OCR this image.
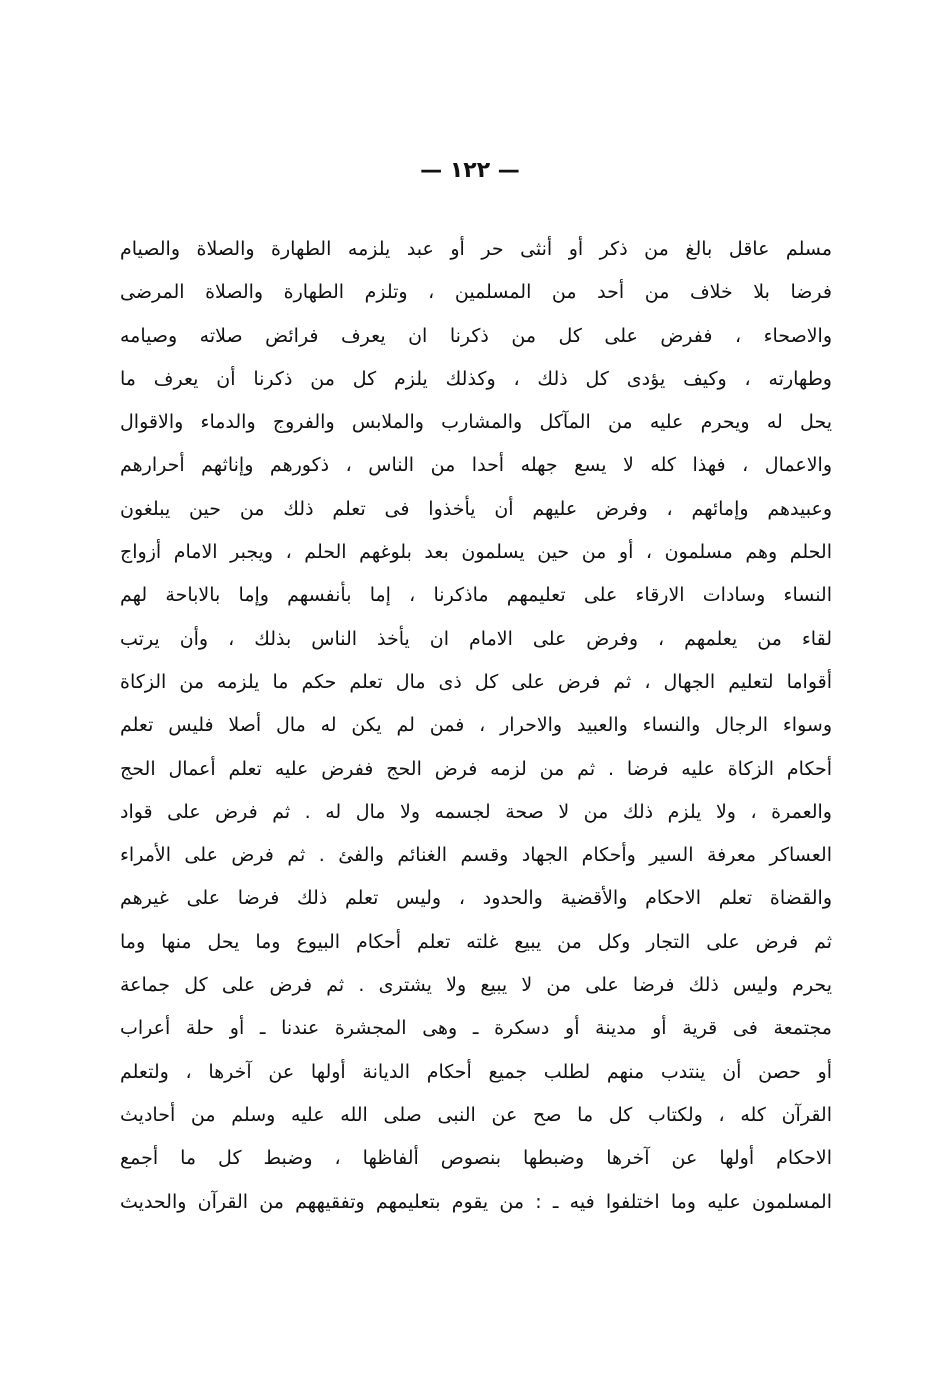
— ١٢٢ —
مسلم عاقل بالغ من ذكر أو أنثى حر أو عبد يلزمه الطهارة والصلاة والصيام
فرضا بلا خلاف من أحد من المسلمين ، وتلزم الطهارة والصلاة المرضى
والاصحاء ، ففرض على كل من ذكرنا ان يعرف فرائض صلاته وصيامه
وطهارته ، وكيف يؤدى كل ذلك ، وكذلك يلزم كل من ذكرنا أن يعرف ما
يحل له ويحرم عليه من المآكل والمشارب والملابس والفروج والدماء والاقوال
والاعمال ، فهذا كله لا يسع جهله أحدا من الناس ، ذكورهم وإناثهم أحرارهم
وعبيدهم وإمائهم ، وفرض عليهم أن يأخذوا فى تعلم ذلك من حين يبلغون
الحلم وهم مسلمون ، أو من حين يسلمون بعد بلوغهم الحلم ، ويجبر الامام أزواج
النساء وسادات الارقاء على تعليمهم ماذكرنا ، إما بأنفسهم وإما بالاباحة لهم
لقاء من يعلمهم ، وفرض على الامام ان يأخذ الناس بذلك ، وأن يرتب
أقواما لتعليم الجهال ، ثم فرض على كل ذى مال تعلم حكم ما يلزمه من الزكاة
وسواء الرجال والنساء والعبيد والاحرار ، فمن لم يكن له مال أصلا فليس تعلم
أحكام الزكاة عليه فرضا . ثم من لزمه فرض الحج ففرض عليه تعلم أعمال الحج
والعمرة ، ولا يلزم ذلك من لا صحة لجسمه ولا مال له . ثم فرض على قواد
العساكر معرفة السير وأحكام الجهاد وقسم الغنائم والفئ . ثم فرض على الأمراء
والقضاة تعلم الاحكام والأقضية والحدود ، وليس تعلم ذلك فرضا على غيرهم
ثم فرض على التجار وكل من يبيع غلته تعلم أحكام البيوع وما يحل منها وما
يحرم وليس ذلك فرضا على من لا يبيع ولا يشترى . ثم فرض على كل جماعة
مجتمعة فى قرية أو مدينة أو دسكرة ـ وهى المجشرة عندنا ـ أو حلة أعراب
أو حصن أن ينتدب منهم لطلب جميع أحكام الديانة أولها عن آخرها ، ولتعلم
القرآن كله ، ولكتاب كل ما صح عن النبى صلى الله عليه وسلم من أحاديث
الاحكام أولها عن آخرها وضبطها بنصوص ألفاظها ، وضبط كل ما أجمع
المسلمون عليه وما اختلفوا فيه ـ : من يقوم بتعليمهم وتفقيههم من القرآن والحديث
